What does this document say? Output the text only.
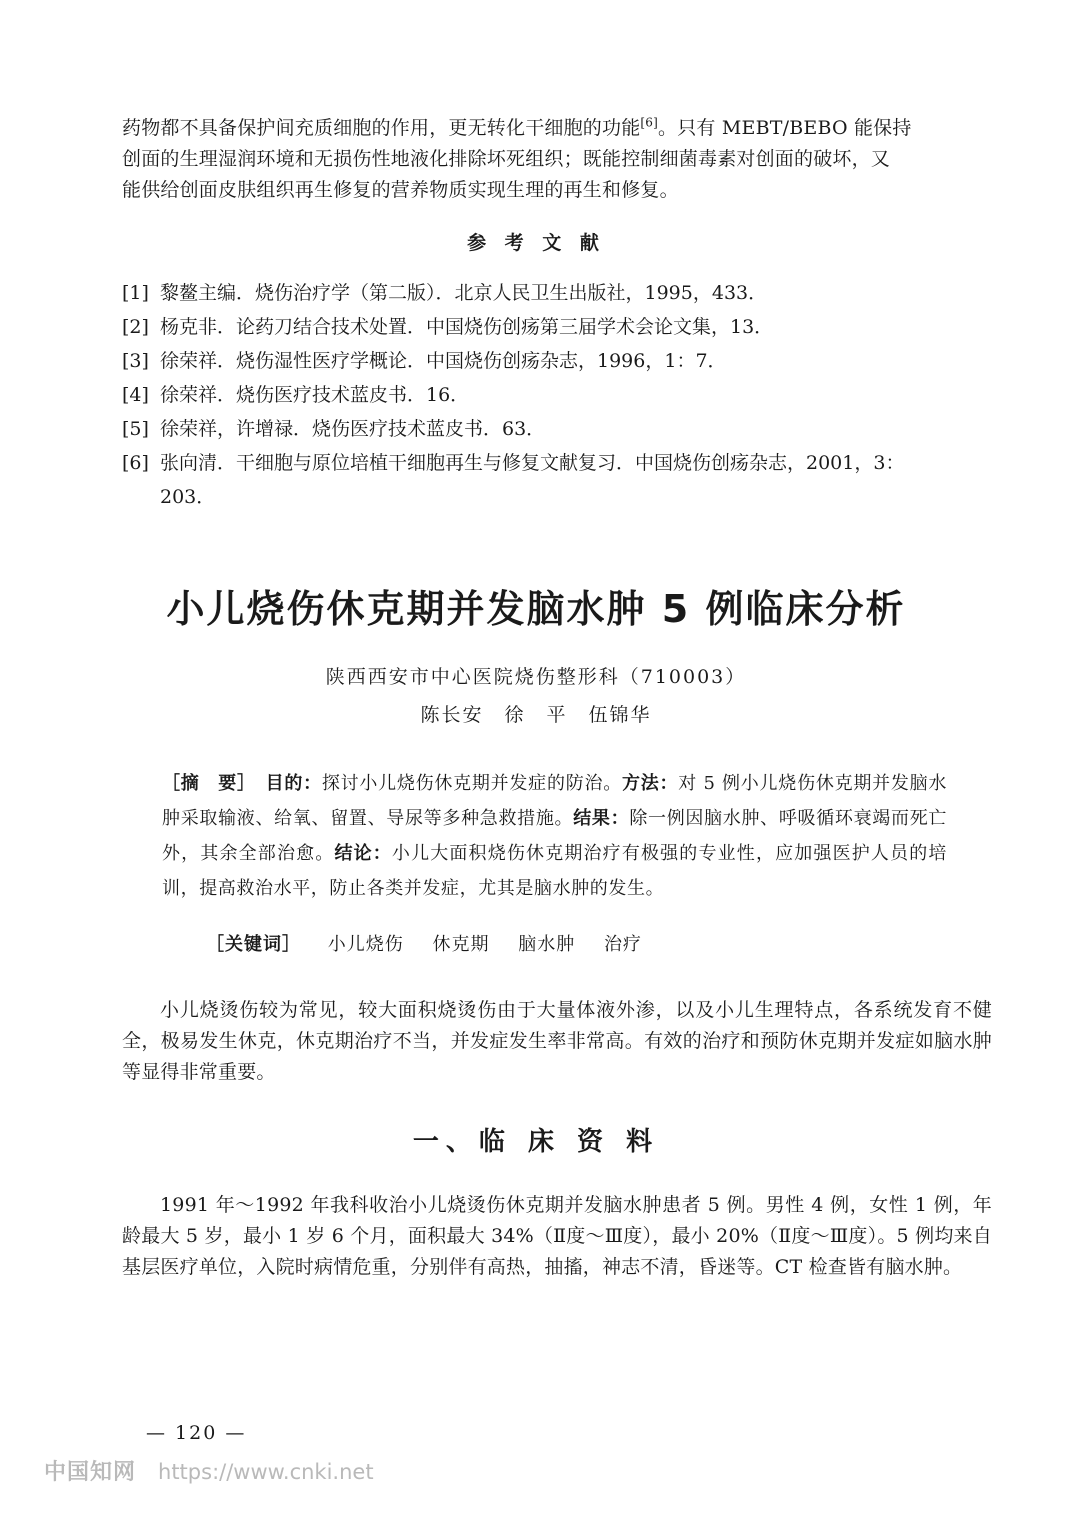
药物都不具备保护间充质细胞的作用，更无转化干细胞的功能[6]。只有 MEBT/BEBO 能保持
创面的生理湿润环境和无损伤性地液化排除坏死组织；既能控制细菌毒素对创面的破坏，又
能供给创面皮肤组织再生修复的营养物质实现生理的再生和修复。
参 考 文 献
[1] 黎鳌主编．烧伤治疗学（第二版）．北京人民卫生出版社，1995，433．
[2] 杨克非．论药刀结合技术处置．中国烧伤创疡第三届学术会论文集，13．
[3] 徐荣祥．烧伤湿性医疗学概论．中国烧伤创疡杂志，1996，1：7．
[4] 徐荣祥．烧伤医疗技术蓝皮书．16．
[5] 徐荣祥，许增禄．烧伤医疗技术蓝皮书．63．
[6] 张向清．干细胞与原位培植干细胞再生与修复文献复习．中国烧伤创疡杂志，2001，3：
203．
小儿烧伤休克期并发脑水肿 5 例临床分析
陕西西安市中心医院烧伤整形科（710003）
陈长安　徐　平　伍锦华

［摘　要］　 目的：探讨小儿烧伤休克期并发症的防治。方法：对 5 例小儿烧伤休克期并发脑水肿采取输液、给氧、留置、导尿等多种急救措施。结果：除一例因脑水肿、呼吸循环衰竭而死亡外，其余全部治愈。结论：小儿大面积烧伤休克期治疗有极强的专业性，应加强医护人员的培训，提高救治水平，防止各类并发症，尤其是脑水肿的发生。

［关键词］ 小儿烧伤 休克期 脑水肿 治疗

小儿烧烫伤较为常见，较大面积烧烫伤由于大量体液外渗，以及小儿生理特点，各系统发育不健全，极易发生休克，休克期治疗不当，并发症发生率非常高。有效的治疗和预防休克期并发症如脑水肿等显得非常重要。

一、临 床 资 料

1991 年～1992 年我科收治小儿烧烫伤休克期并发脑水肿患者 5 例。男性 4 例，女性 1 例，年龄最大 5 岁，最小 1 岁 6 个月，面积最大 34%（Ⅱ度～Ⅲ度），最小 20%（Ⅱ度～Ⅲ度）。5 例均来自基层医疗单位，入院时病情危重，分别伴有高热，抽搐，神志不清，昏迷等。CT 检查皆有脑水肿。

— 120 —
中国知网 https://www.cnki.net
